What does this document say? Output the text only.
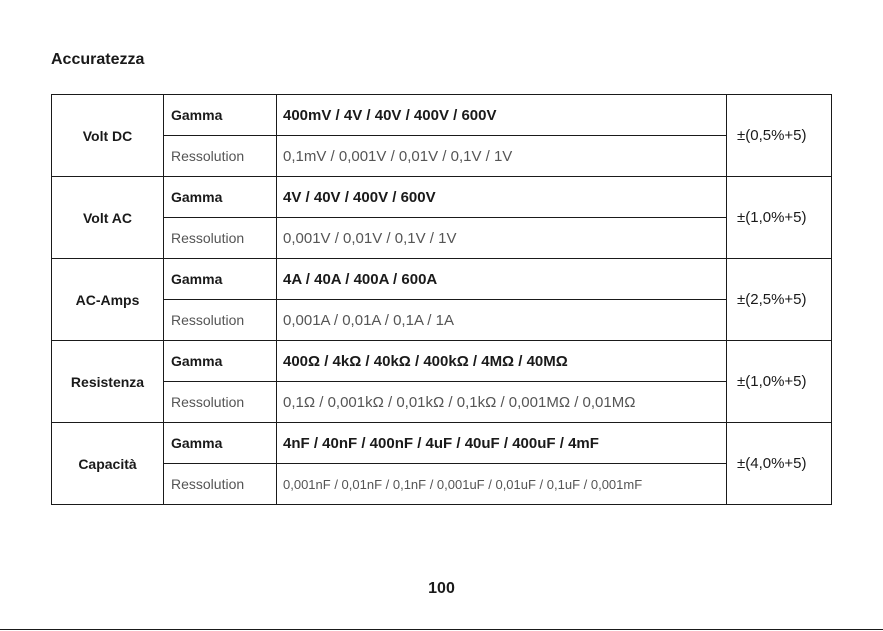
Accuratezza
Volt DC	Gamma	400mV / 4V / 40V / 400V / 600V	±(0,5%+5)
	Ressolution	0,1mV / 0,001V / 0,01V / 0,1V / 1V	
Volt AC	Gamma	4V / 40V / 400V / 600V	±(1,0%+5)
	Ressolution	0,001V / 0,01V / 0,1V / 1V	
AC-Amps	Gamma	4A / 40A / 400A / 600A	±(2,5%+5)
	Ressolution	0,001A / 0,01A / 0,1A / 1A	
Resistenza	Gamma	400Ω / 4kΩ / 40kΩ / 400kΩ / 4MΩ / 40MΩ	±(1,0%+5)
	Ressolution	0,1Ω / 0,001kΩ / 0,01kΩ / 0,1kΩ / 0,001MΩ / 0,01MΩ	
Capacità	Gamma	4nF / 40nF / 400nF / 4uF / 40uF / 400uF / 4mF	±(4,0%+5)
	Ressolution	0,001nF / 0,01nF / 0,1nF / 0,001uF / 0,01uF / 0,1uF / 0,001mF	
100
